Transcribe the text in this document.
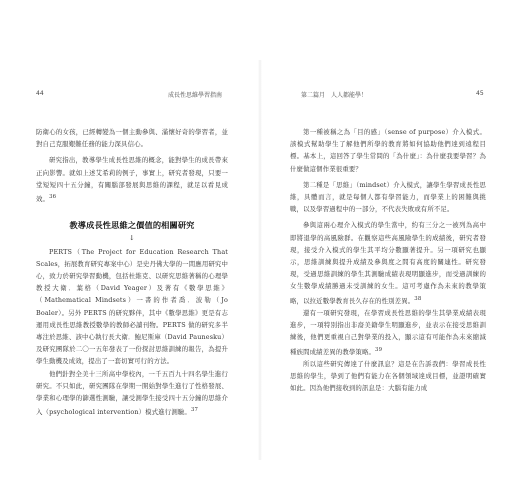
44	成長性思維學習指南

防衛心的女孩，已經轉變為一個主動參與、滿懷好奇的學習者，並對自己克服艱難任務的能力深具信心。

研究指出，教導學生成長性思維的概念，能對學生的成長帶來正向影響。就如上述艾希莉的例子，事實上，研究者發現，只要一堂短短四十五分鐘，有關腦部發展與思維的課程，就足以看見成效。$^{36}$

教導成長性思維之價值的相關研究
↓

PERTS（The Project for Education Research That Scales，拓展教育研究專案中心）是史丹佛大學的一間應用研究中心，致力於研究學習動機，包括杜維克、以研究思維著稱的心理學教授大衛．葉格（David Yeager）及著有《數學思維》（Mathematical Mindsets）一書的作者喬．波勒（Jo Boaler）。另外 PERTS 的研究夥伴，其中《數學思維》更是有志運用成長性思維教授數學的教師必讀刊物。PERTS 做的研究多半專注於思維、該中心執行長大衛．鮑尼斯庫（David Paunesku）及研究團隊於二〇一五年發表了一份探討思維訓練的報告，為提升學生動機及成效，提出了一套切實可行的方法。

他們針對全美十三所高中學校內，一千五百九十四名學生進行研究。不只如此，研究團隊在學期一開始對學生進行了性格發展、學業和心理學的篩選性測驗，讓受測學生接受四十五分鐘的思維介入（psychological intervention）模式進行測驗。$^{37}$

第二篇月　人人都能學！	45

第一種被稱之為「目的感」（sense of purpose）介入模式。該模式幫助學生了解他們所學的教育將如何協助他們達到遠程目標。基本上，這回答了學生常問的「為什麼」：為什麼我要學習？為什麼做這個作業很重要？

第二種是「思維」（mindset）介入模式，讓學生學習成長性思維，具體而言，就是每個人都有學習能力，而學業上的困難與挑戰，以及學習過程中的一部分，不代表失敗或有所不足。

參與這兩心理介入模式的學生當中，約有三分之一被列為高中即將退學的高風險群。在觀察這些高風險學生的成績後，研究者發現，接受介入模式的學生其平均分數顯著提升。另一項研究也顯示，思維訓練與提升成績及參與度之間有高度的關連性。研究發現，受過思維訓練的學生其測驗成績表現明顯進步，而受過訓練的女生數學成績勝過未受訓練的女生。這可考慮作為未來的教學策略，以拉近數學教育長久存在的性別差異。$^{38}$

還有一項研究發現，在學習成長性思維的學生其學業成績表現進步，一項特別指出非裔美籍學生明顯進步，並表示在接受思維訓練後，他們更重視自己對學業的投入，顯示這有可能作為未來縮減種族間成績差異的教學策略。$^{39}$

所以這些研究傳達了什麼訊息？這是在告訴我們：學習成長性思維的學生，學到了他們有能力在各個領域達成目標，並證明確實如此。因為他們接收到的訊息是：大腦有能力成
